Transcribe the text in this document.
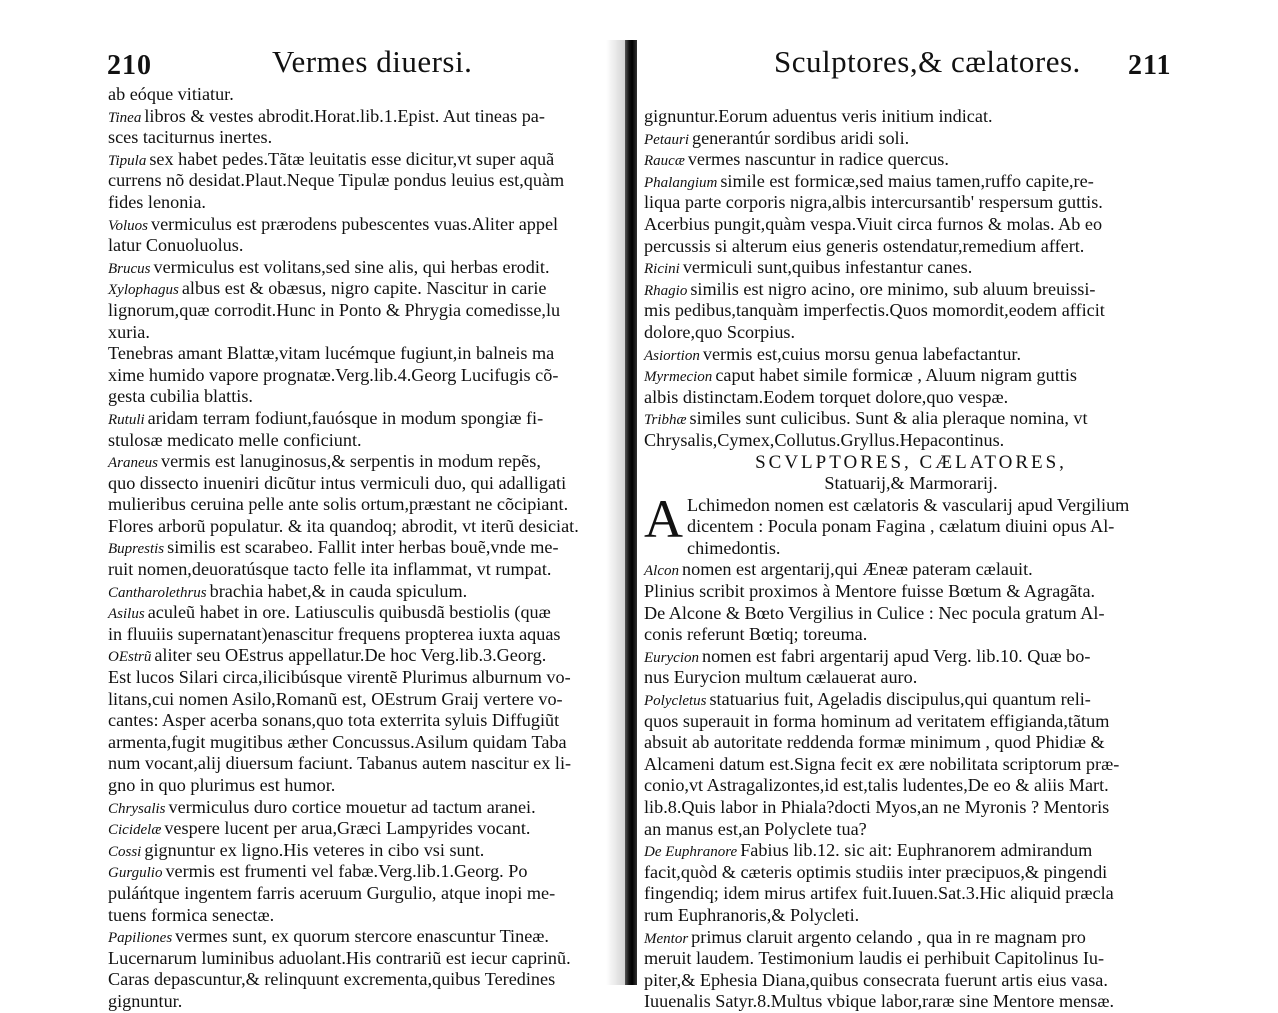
210	Vermes diuersi.
ab eóque vitiatur.
Tinea libros & vestes abrodit.Horat.lib.1.Epist. Aut tineas pa-
sces taciturnus inertes.
Tipula sex habet pedes.Tãtæ leuitatis esse dicitur,vt super aquã
currens nõ desidat.Plaut.Neque Tipulæ pondus leuius est,quàm
fides lenonia.
Voluos vermiculus est prærodens pubescentes vuas.Aliter appel
latur Conuoluolus.
Brucus vermiculus est volitans,sed sine alis, qui herbas erodit.
Xylophagus albus est & obæsus, nigro capite. Nascitur in carie
lignorum,quæ corrodit.Hunc in Ponto & Phrygia comedisse,lu
xuria.
Tenebras amant Blattæ,vitam lucémque fugiunt,in balneis ma
xime humido vapore prognatæ.Verg.lib.4.Georg Lucifugis cõ-
gesta cubilia blattis.
Rutuli aridam terram fodiunt,fauósque in modum spongiæ fi-
stulosæ medicato melle conficiunt.
Araneus vermis est lanuginosus,& serpentis in modum repẽs,
quo dissecto inueniri dicũtur intus vermiculi duo, qui adalligati
mulieribus ceruina pelle ante solis ortum,præstant ne cõcipiant.
Flores arborũ populatur. & ita quandoq; abrodit, vt iterũ desiciat.
Buprestis similis est scarabeo. Fallit inter herbas bouẽ,vnde me-
ruit nomen,deuoratúsque tacto felle ita inflammat, vt rumpat.
Cantharolethrus brachia habet,& in cauda spiculum.
Asilus aculeũ habet in ore. Latiusculis quibusdã bestiolis (quæ
in fluuiis supernatant)enascitur frequens propterea iuxta aquas
OEstrũ aliter seu OEstrus appellatur.De hoc Verg.lib.3.Georg.
Est lucos Silari circa,ilicibúsque virentẽ Plurimus alburnum vo-
litans,cui nomen Asilo,Romanũ est, OEstrum Graij vertere vo-
cantes: Asper acerba sonans,quo tota exterrita syluis Diffugiũt
armenta,fugit mugitibus æther Concussus.Asilum quidam Taba
num vocant,alij diuersum faciunt. Tabanus autem nascitur ex li-
gno in quo plurimus est humor.
Chrysalis vermiculus duro cortice mouetur ad tactum aranei.
Cicidelæ vespere lucent per arua,Græci Lampyrides vocant.
Cossi gignuntur ex ligno.His veteres in cibo vsi sunt.
Gurgulio vermis est frumenti vel fabæ.Verg.lib.1.Georg. Po
puláńtque ingentem farris aceruum Gurgulio, atque inopi me-
tuens formica senectæ.
Papiliones vermes sunt, ex quorum stercore enascuntur Tineæ.
Lucernarum luminibus aduolant.His contrariũ est iecur caprinũ.
Caras depascuntur,& relinquunt excrementa,quibus Teredines
gignuntur.
Sculptores,& cælatores. 211
gignuntur.Eorum aduentus veris initium indicat.
Petauri generantúr sordibus aridi soli.
Raucæ vermes nascuntur in radice quercus.
Phalangium simile est formicæ,sed maius tamen,ruffo capite,re-
liqua parte corporis nigra,albis intercursantib' respersum guttis.
Acerbius pungit,quàm vespa.Viuit circa furnos & molas. Ab eo
percussis si alterum eius generis ostendatur,remedium affert.
Ricini vermiculi sunt,quibus infestantur canes.
Rhagio similis est nigro acino, ore minimo, sub aluum breuissi-
mis pedibus,tanquàm imperfectis.Quos momordit,eodem afficit
dolore,quo Scorpius.
Asiortion vermis est,cuius morsu genua labefactantur.
Myrmecion caput habet simile formicæ , Aluum nigram guttis
albis distinctam.Eodem torquet dolore,quo vespæ.
Tribhæ similes sunt culicibus. Sunt & alia pleraque nomina, vt
Chrysalis,Cymex,Collutus.Gryllus.Hepacontinus.
SCVLPTORES, CÆLATORES,
Statuarij,& Marmorarij.
A Lchimedon nomen est cælatoris & vascularij apud Vergilium
dicentem : Pocula ponam Fagina , cælatum diuini opus Al-
chimedontis.
Alcon nomen est argentarij,qui Æneæ pateram cælauit.
Plinius scribit proximos à Mentore fuisse Bœtum & Agragãta.
De Alcone & Bœto Vergilius in Culice : Nec pocula gratum Al-
conis referunt Bœtiq; toreuma.
Eurycion nomen est fabri argentarij apud Verg. lib.10. Quæ bo-
nus Eurycion multum cælauerat auro.
Polycletus statuarius fuit, Ageladis discipulus,qui quantum reli-
quos superauit in forma hominum ad veritatem effigianda,tãtum
absuit ab autoritate reddenda formæ minimum , quod Phidiæ &
Alcameni datum est.Signa fecit ex ære nobilitata scriptorum præ-
conio,vt Astragalizontes,id est,talis ludentes,De eo & aliis Mart.
lib.8.Quis labor in Phiala?docti Myos,an ne Myronis ? Mentoris
an manus est,an Polyclete tua?
De Euphranore Fabius lib.12. sic ait: Euphranorem admirandum
facit,quòd & cæteris optimis studiis inter præcipuos,& pingendi
fingendiq; idem mirus artifex fuit.Iuuen.Sat.3.Hic aliquid præcla
rum Euphranoris,& Polycleti.
Mentor primus claruit argento celando , qua in re magnam pro
meruit laudem. Testimonium laudis ei perhibuit Capitolinus Iu-
piter,& Ephesia Diana,quibus consecrata fuerunt artis eius vasa.
Iuuenalis Satyr.8.Multus vbique labor,raræ sine Mentore mensæ.
